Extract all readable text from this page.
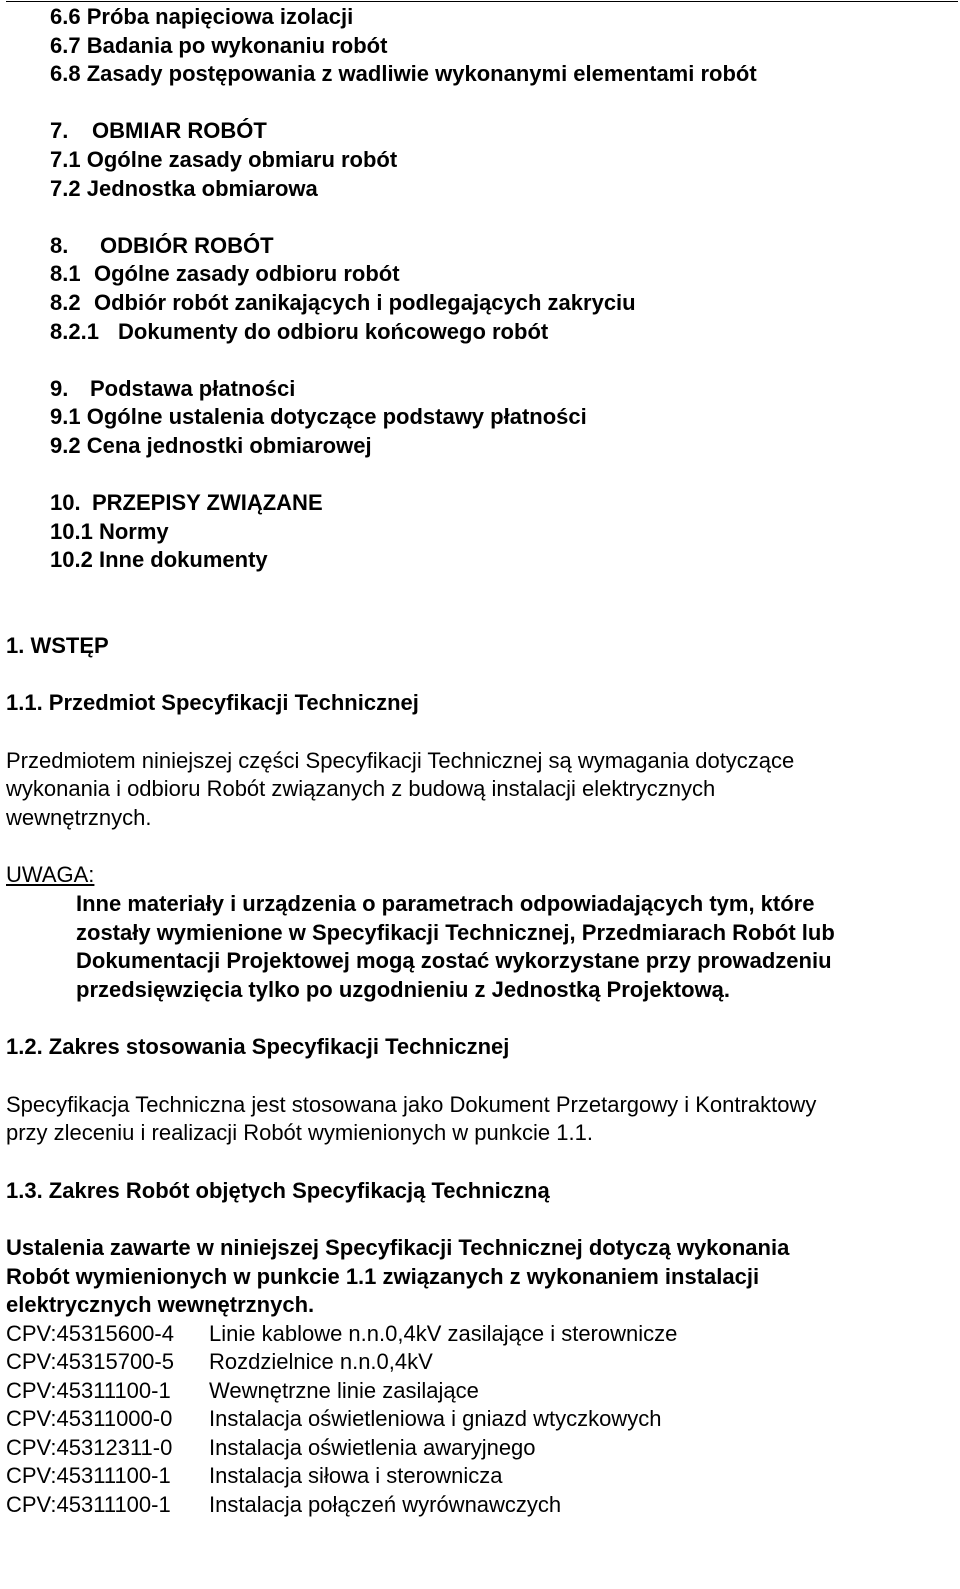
6.6 Próba napięciowa izolacji
6.7 Badania po wykonaniu robót
6.8 Zasady postępowania z wadliwie wykonanymi elementami robót
7. OBMIAR ROBÓT
7.1 Ogólne zasady obmiaru robót
7.2 Jednostka obmiarowa
8. ODBIÓR ROBÓT
8.1 Ogólne zasady odbioru robót
8.2 Odbiór robót zanikających i podlegających zakryciu
8.2.1 Dokumenty do odbioru końcowego robót
9. Podstawa płatności
9.1 Ogólne ustalenia dotyczące podstawy płatności
9.2 Cena jednostki obmiarowej
10. PRZEPISY ZWIĄZANE
10.1 Normy
10.2 Inne dokumenty
1. WSTĘP
1.1. Przedmiot Specyfikacji Technicznej
Przedmiotem niniejszej części Specyfikacji Technicznej są wymagania dotyczące
wykonania i odbioru Robót związanych z budową instalacji elektrycznych
wewnętrznych.
UWAGA:
Inne materiały i urządzenia o parametrach odpowiadających tym, które
zostały wymienione w Specyfikacji Technicznej, Przedmiarach Robót lub
Dokumentacji Projektowej mogą zostać wykorzystane przy prowadzeniu
przedsięwzięcia tylko po uzgodnieniu z Jednostką Projektową.
1.2. Zakres stosowania Specyfikacji Technicznej
Specyfikacja Techniczna jest stosowana jako Dokument Przetargowy i Kontraktowy
przy zleceniu i realizacji Robót wymienionych w punkcie 1.1.
1.3. Zakres Robót objętych Specyfikacją Techniczną
Ustalenia zawarte w niniejszej Specyfikacji Technicznej dotyczą wykonania
Robót wymienionych w punkcie 1.1 związanych z wykonaniem instalacji
elektrycznych wewnętrznych.
CPV:45315600-4 Linie kablowe n.n.0,4kV zasilające i sterownicze
CPV:45315700-5 Rozdzielnice n.n.0,4kV
CPV:45311100-1 Wewnętrzne linie zasilające
CPV:45311000-0 Instalacja oświetleniowa i gniazd wtyczkowych
CPV:45312311-0 Instalacja oświetlenia awaryjnego
CPV:45311100-1 Instalacja siłowa i sterownicza
CPV:45311100-1 Instalacja połączeń wyrównawczych
